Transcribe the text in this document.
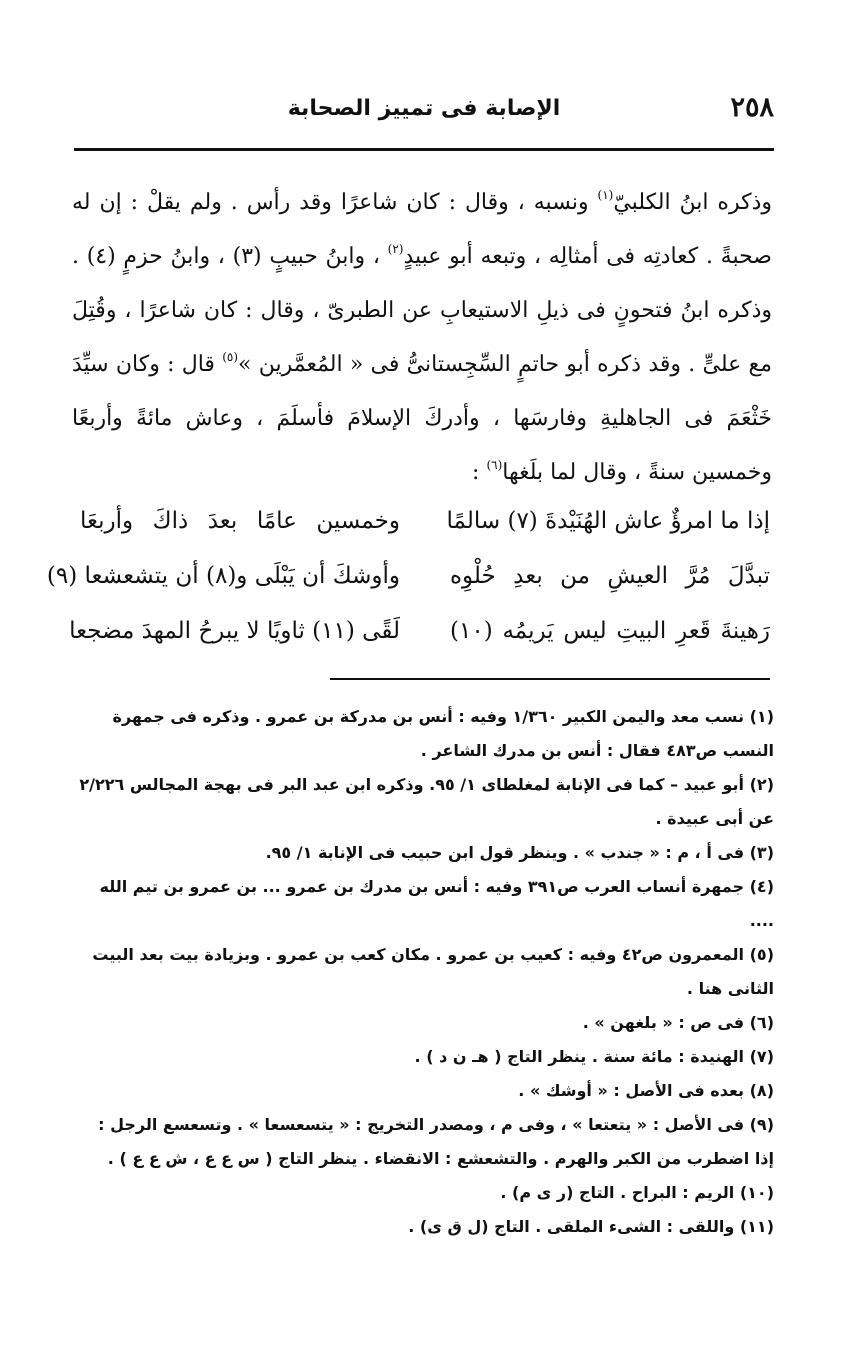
٢٥٨
الإصابة فى تمييز الصحابة

وذكره ابنُ الكلبيّ$^{(١)}$ ونسبه ، وقال : كان شاعرًا وقد رأس . ولم يقلْ : إن له

صحبةً . كعادتِه فى أمثالِه ، وتبعه أبو عبيدٍ$^{(٢)}$ ، وابنُ حبيبٍ (٣) ، وابنُ حزمٍ (٤) .

وذكره ابنُ فتحونٍ فى ذيلِ الاستيعابِ عن الطبرىّ ، وقال : كان شاعرًا ، وقُتِلَ

مع علىٍّ . وقد ذكره أبو حاتمٍ السِّجِستانىُّ فى « المُعمَّرين »$^{(٥)}$ قال : وكان سيِّدَ

خَثْعَمَ فى الجاهليةِ وفارسَها ، وأدركَ الإسلامَ فأسلَمَ ، وعاش مائةً وأربعًا

وخمسين سنةً ، وقال لما بلَغها$^{(٦)}$ :

إذا ما امرؤٌ عاش الهُنَيْدةَ (٧) سالمًا
وخمسين عامًا بعدَ ذاكَ وأربعَا
تبدَّلَ مُرَّ العيشِ من بعدِ حُلْوِه
وأوشكَ أن يَبْلَى و(٨) أن يتشعشعا (٩)
رَهينةَ قَعرِ البيتِ ليس يَريمُه (١٠)
لَقًى (١١) ثاويًا لا يبرحُ المهدَ مضجعا
(١) نسب معد واليمن الكبير ١/٣٦٠ وفيه : أنس بن مدركة بن عمرو . وذكره فى جمهرة النسب ص٤٨٣ فقال : أنس بن مدرك الشاعر .
(٢) أبو عبيد – كما فى الإنابة لمغلطاى ١/ ٩٥. وذكره ابن عبد البر فى بهجة المجالس ٢/٢٢٦ عن أبى عبيدة .
(٣) فى أ ، م : « جندب » . وينظر قول ابن حبيب فى الإنابة ١/ ٩٥.
(٤) جمهرة أنساب العرب ص٣٩١ وفيه : أنس بن مدرك بن عمرو ... بن عمرو بن تيم الله ....
(٥) المعمرون ص٤٢ وفيه : كعيب بن عمرو . مكان كعب بن عمرو . وبزيادة بيت بعد البيت الثانى هنا .
(٦) فى ص : « بلغهن » .
(٧) الهنيدة : مائة سنة . ينظر التاج ( هـ ن د ) .
(٨) بعده فى الأصل : « أوشك » .
(٩) فى الأصل : « يتعتعا » ، وفى م ، ومصدر التخريج : « يتسعسعا » . وتسعسع الرجل : إذا اضطرب من الكبر والهرم . والتشعشع : الانقضاء . ينظر التاج ( س ع ع ، ش ع ع ) .
(١٠) الريم : البراح . التاج (ر ى م) .
(١١) واللقى : الشىء الملقى . التاج (ل ق ى) .
